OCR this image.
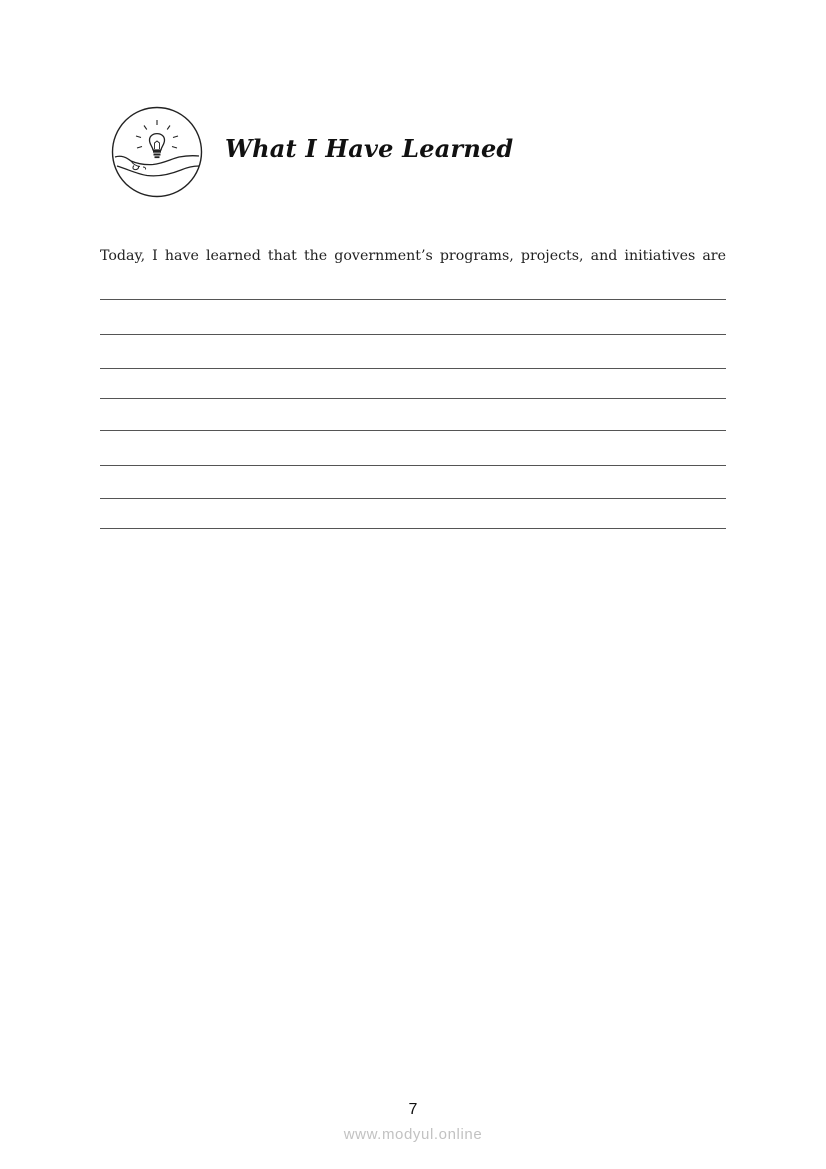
What I Have Learned
Today, I have learned that the government’s programs, projects, and initiatives are
7
www.modyul.online
